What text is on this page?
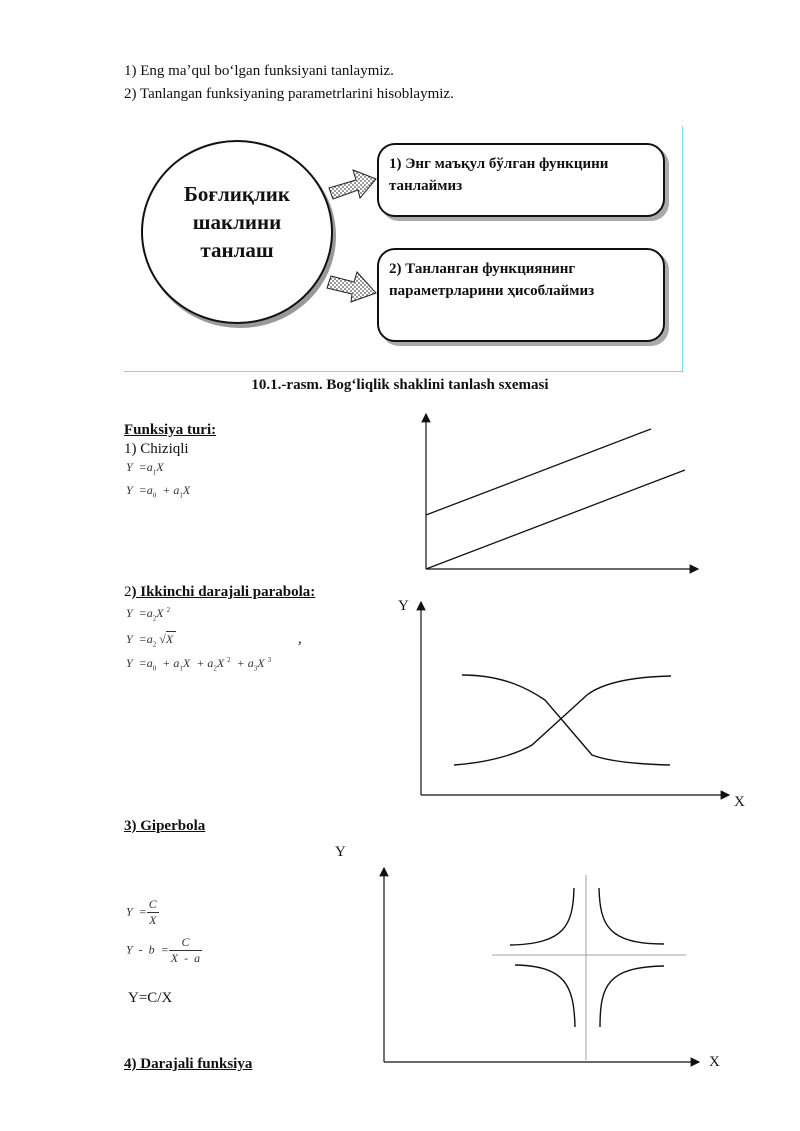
1) Eng maʼqul boʻlgan funksiyani tanlaymiz.
2) Tanlangan funksiyaning parametrlarini hisoblaymiz.
Боғлиқлик
шаклини
танлаш
1) Энг маъқул бўлган функцини танлаймиз
2) Танланган функциянинг параметрларини ҳисоблаймиз
10.1.-rasm. Bogʻliqlik shaklini tanlash sxemasi
Funksiya turi:
1) Chiziqli
$Y =a_1X$
$Y =a_0 + a_1X$
2) Ikkinchi darajali parabola:
$Y =a_2X$ $^2$
$Y =a_2$ √X	,
$Y =a_0 + a_1X + a_2X$ $^2 + a_3X$ $^3$
Y
X
3) Giperbola
Y
$Y = \frac{C}{X}$
$Y - b = \frac{C}{X - a}$
Y=C/X
X
4) Darajali funksiya
